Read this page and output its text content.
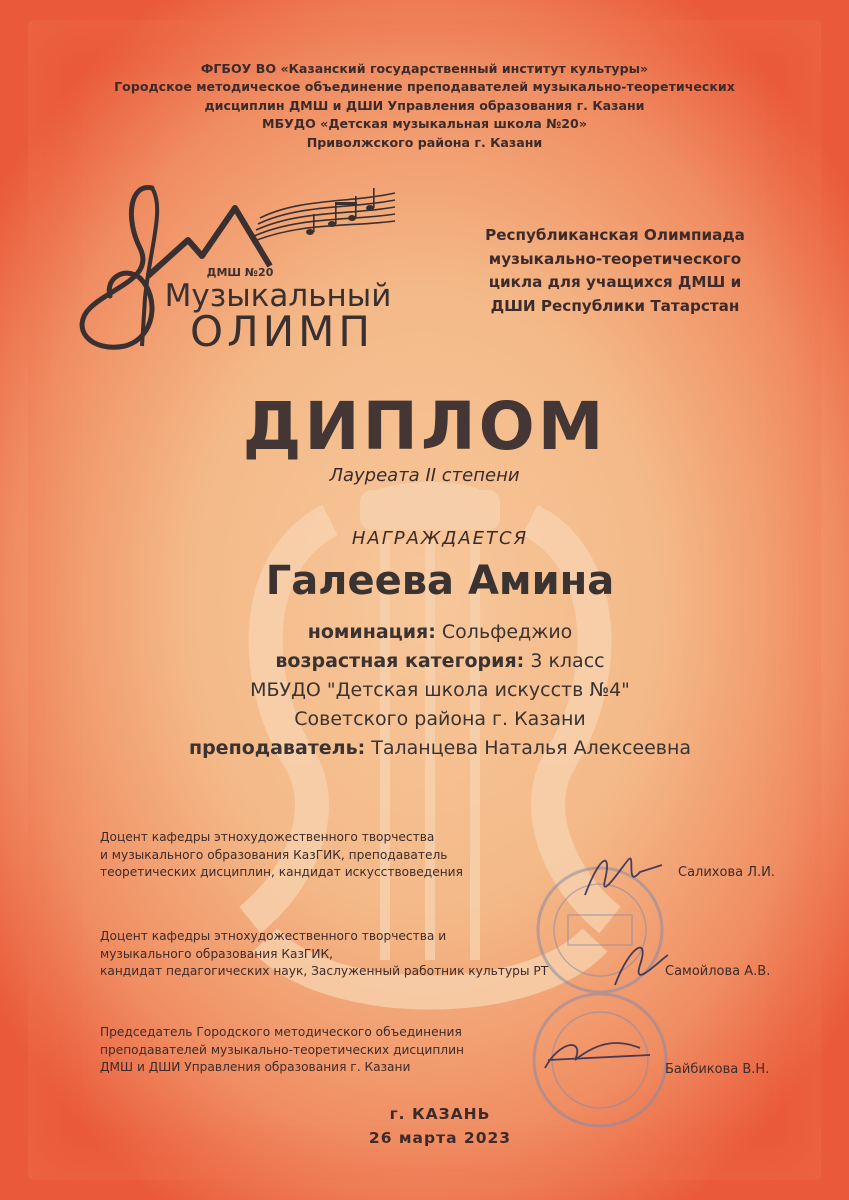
ФГБОУ ВО «Казанский государственный институт культуры»
Городское методическое объединение преподавателей музыкально-теоретических
дисциплин ДМШ и ДШИ Управления образования г. Казани
МБУДО «Детская музыкальная школа №20»
Приволжского района г. Казани
ДМШ №20
Музыкальный
ОЛИМП
Республиканская Олимпиада
музыкально-теоретического
цикла для учащихся ДМШ и
ДШИ Республики Татарстан
ДИПЛОМ
Лауреата II степени
НАГРАЖДАЕТСЯ
Галеева Амина
номинация: Сольфеджио
возрастная категория: 3 класс
МБУДО "Детская школа искусств №4"
Советского района г. Казани
преподаватель: Таланцева Наталья Алексеевна
Доцент кафедры этнохудожественного творчества
и музыкального образования КазГИК, преподаватель
теоретических дисциплин, кандидат искусствоведения	Салихова Л.И.
Доцент кафедры этнохудожественного творчества и
музыкального образования КазГИК,
кандидат педагогических наук, Заслуженный работник культуры РТ	Самойлова А.В.
Председатель Городского методического объединения
преподавателей музыкально-теоретических дисциплин
ДМШ и ДШИ Управления образования г. Казани	Байбикова В.Н.
г. КАЗАНЬ
26 марта 2023
